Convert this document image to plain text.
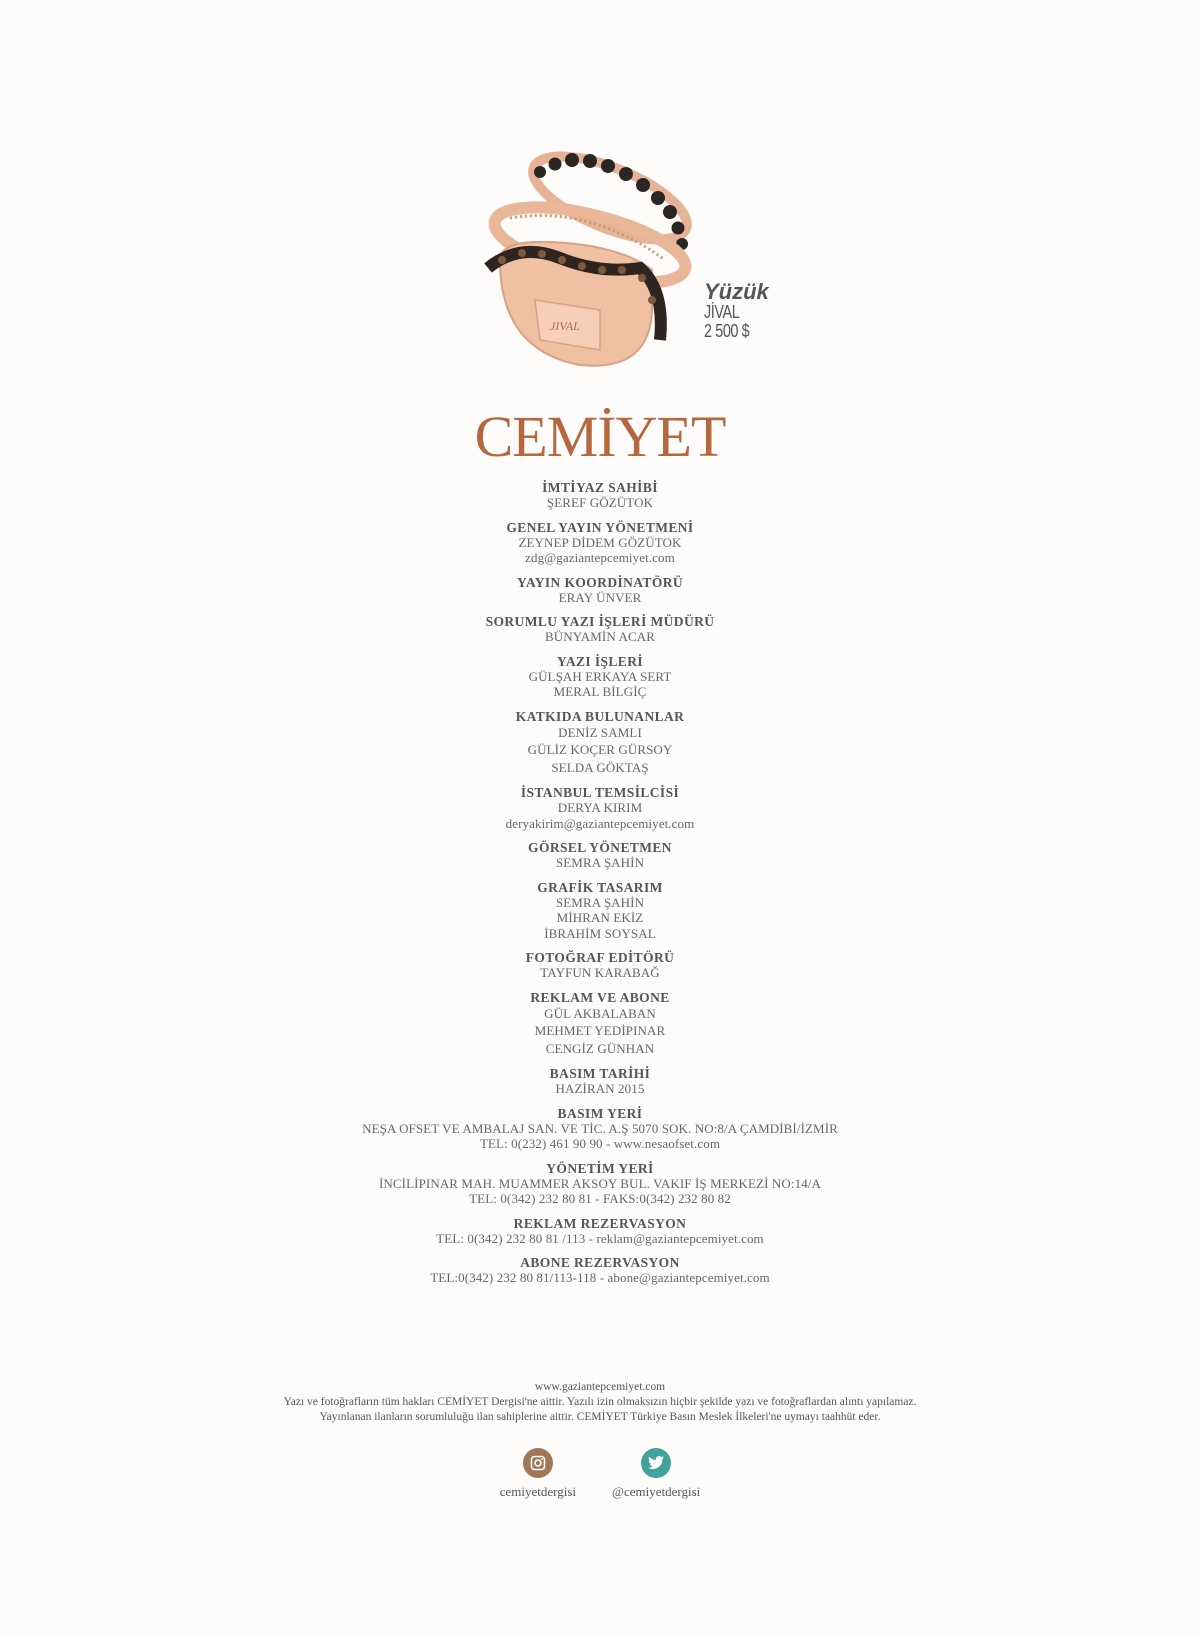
JIVAL
Yüzük
JİVAL
2 500 $
CEMİYET
İMTİYAZ SAHİBİ
ŞEREF GÖZÜTOK
GENEL YAYIN YÖNETMENİ
ZEYNEP DİDEM GÖZÜTOK
zdg@gaziantepcemiyet.com
YAYIN KOORDİNATÖRÜ
ERAY ÜNVER
SORUMLU YAZI İŞLERİ MÜDÜRÜ
BÜNYAMİN ACAR
YAZI İŞLERİ
GÜLŞAH ERKAYA SERT
MERAL BİLGİÇ
KATKIDA BULUNANLAR
DENİZ SAMLI
GÜLİZ KOÇER GÜRSOY
SELDA GÖKTAŞ
İSTANBUL TEMSİLCİSİ
DERYA KIRIM
deryakirim@gaziantepcemiyet.com
GÖRSEL YÖNETMEN
SEMRA ŞAHİN
GRAFİK TASARIM
SEMRA ŞAHİN
MİHRAN EKİZ
İBRAHİM SOYSAL
FOTOĞRAF EDİTÖRÜ
TAYFUN KARABAĞ
REKLAM VE ABONE
GÜL AKBALABAN
MEHMET YEDİPINAR
CENGİZ GÜNHAN
BASIM TARİHİ
HAZİRAN 2015
BASIM YERİ
NEŞA OFSET VE AMBALAJ SAN. VE TİC. A.Ş 5070 SOK. NO:8/A ÇAMDİBİ/İZMİR
TEL: 0(232) 461 90 90 - www.nesaofset.com
YÖNETİM YERİ
İNCİLİPINAR MAH. MUAMMER AKSOY BUL. VAKIF İŞ MERKEZİ NO:14/A
TEL: 0(342) 232 80 81 - FAKS:0(342) 232 80 82
REKLAM REZERVASYON
TEL: 0(342) 232 80 81 /113 - reklam@gaziantepcemiyet.com
ABONE REZERVASYON
TEL:0(342) 232 80 81/113-118 - abone@gaziantepcemiyet.com
www.gaziantepcemiyet.com
Yazı ve fotoğrafların tüm hakları CEMİYET Dergisi'ne aittir. Yazılı izin olmaksızın hiçbir şekilde yazı ve fotoğraflardan alıntı yapılamaz.
Yayınlanan ilanların sorumluluğu ilan sahiplerine aittir. CEMİYET Türkiye Basın Meslek İlkeleri'ne uymayı taahhüt eder.
cemiyetdergisi	@cemiyetdergisi
